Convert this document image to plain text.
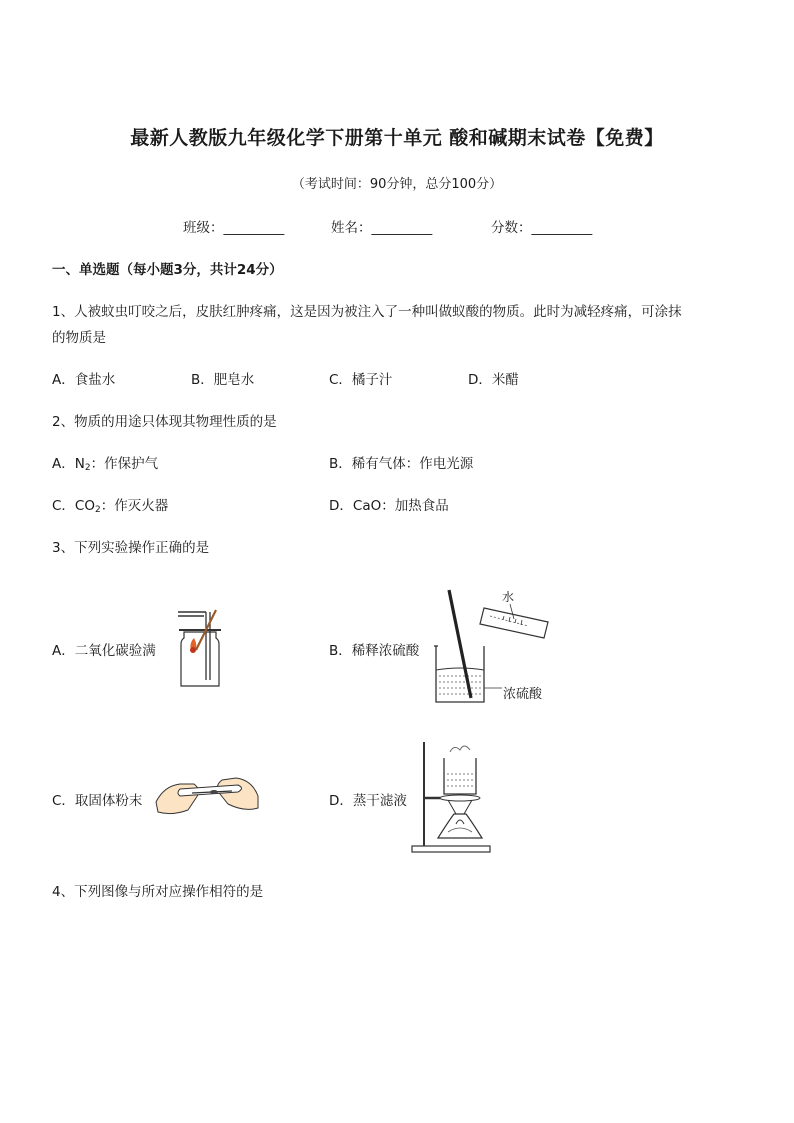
最新人教版九年级化学下册第十单元 酸和碱期末试卷【免费】
（考试时间：90分钟，总分100分）
班级：_________	姓名：_________	分数：_________
一、单选题（每小题3分，共计24分）
1、人被蚊虫叮咬之后，皮肤红肿疼痛，这是因为被注入了一种叫做蚁酸的物质。此时为减轻疼痛，可涂抹
的物质是
A．食盐水	B．肥皂水	C．橘子汁	D．米醋
2、物质的用途只体现其物理性质的是
A．$N_2$：作保护气	B．稀有气体：作电光源
C．$CO_2$：作灭火器	D．CaO：加热食品
3、下列实验操作正确的是
A．二氧化碳验满	B．稀释浓硫酸
水
浓硫酸
C．取固体粉末	D．蒸干滤液
4、下列图像与所对应操作相符的是
